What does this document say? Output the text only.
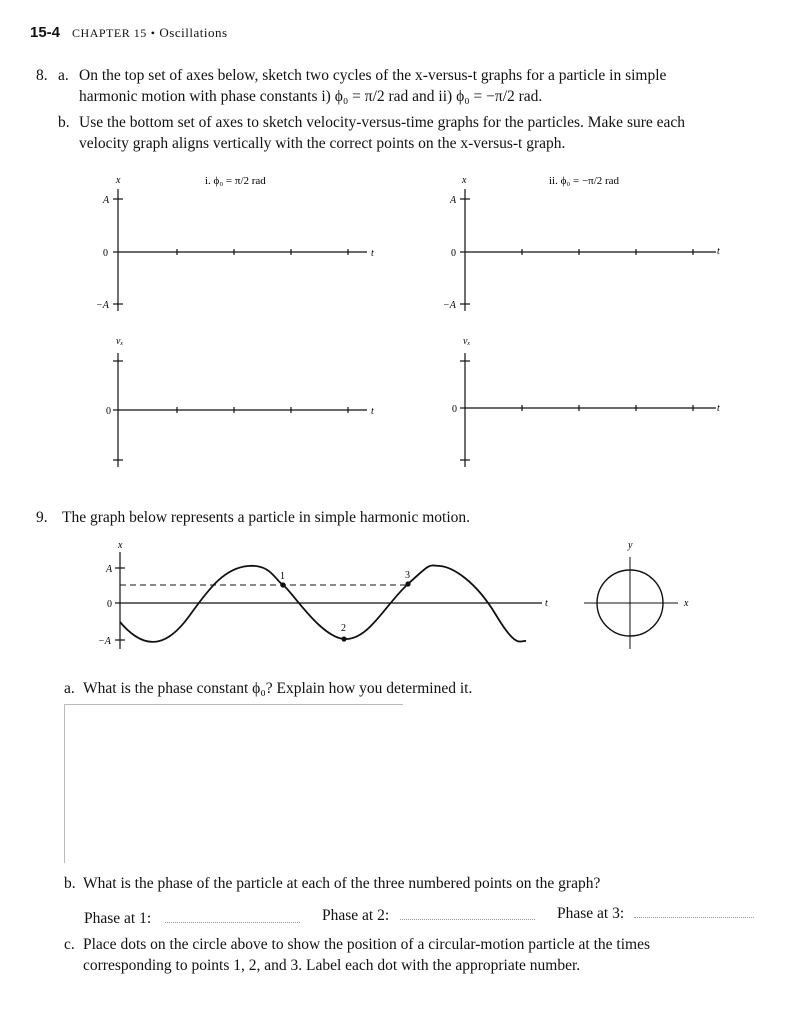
15-4 CHAPTER 15 • Oscillations
8. a. On the top set of axes below, sketch two cycles of the x-versus-t graphs for a particle in simple
harmonic motion with phase constants i) ϕ₀ = π/2 rad and ii) ϕ₀ = −π/2 rad.
b. Use the bottom set of axes to sketch velocity-versus-time graphs for the particles. Make sure each
velocity graph aligns vertically with the correct points on the x-versus-t graph.
x
A
0
−A
t
i. ϕ₀ = π/2 rad	x
A
0
−A
t
ii. ϕ₀ = −π/2 rad
vₓ
0	t
vₓ
0	t
9. The graph below represents a particle in simple harmonic motion.
1
2
3
x
A
0
−A
t
y
x
a. What is the phase constant ϕ₀? Explain how you determined it.
b. What is the phase of the particle at each of the three numbered points on the graph?
Phase at 1:	Phase at 2:	Phase at 3:
c. Place dots on the circle above to show the position of a circular-motion particle at the times
corresponding to points 1, 2, and 3. Label each dot with the appropriate number.
